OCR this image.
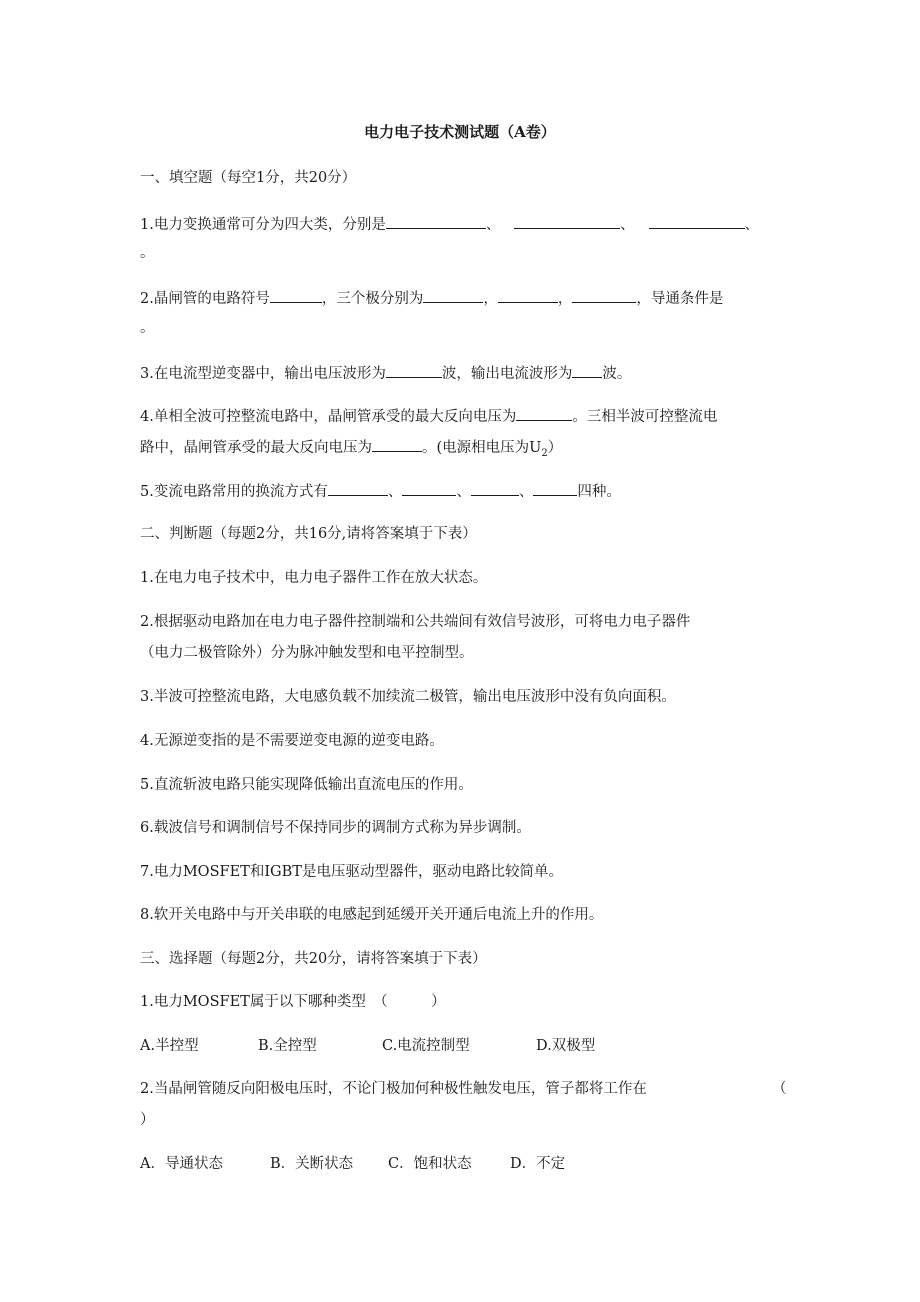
电力电子技术测试题（A卷）
一、填空题（每空1分，共20分）
1.电力变换通常可分为四大类，分别是	、	、	、
。
2.晶闸管的电路符号	，三个极分别为	，	，	，导通条件是
。
3.在电流型逆变器中，输出电压波形为	波，输出电流波形为 波。
4.单相全波可控整流电路中，晶闸管承受的最大反向电压为	。三相半波可控整流电
路中，晶闸管承受的最大反向电压为	。(电源相电压为$U_2$）
5.变流电路常用的换流方式有	、	、	、	四种。
二、判断题（每题2分，共16分,请将答案填于下表）
1.在电力电子技术中，电力电子器件工作在放大状态。
2.根据驱动电路加在电力电子器件控制端和公共端间有效信号波形，可将电力电子器件
（电力二极管除外）分为脉冲触发型和电平控制型。
3.半波可控整流电路，大电感负载不加续流二极管，输出电压波形中没有负向面积。
4.无源逆变指的是不需要逆变电源的逆变电路。
5.直流斩波电路只能实现降低输出直流电压的作用。
6.载波信号和调制信号不保持同步的调制方式称为异步调制。
7.电力MOSFET和IGBT是电压驱动型器件，驱动电路比较简单。
8.软开关电路中与开关串联的电感起到延缓开关开通后电流上升的作用。
三、选择题（每题2分，共20分，请将答案填于下表）
1.电力MOSFET属于以下哪种类型　（　　　）
A.半控型	B.全控型	C.电流控制型	D.双极型
2.当晶闸管随反向阳极电压时，不论门极加何种极性触发电压，管子都将工作在	（
）
A．导通状态	B．关断状态 C．饱和状态	D．不定
